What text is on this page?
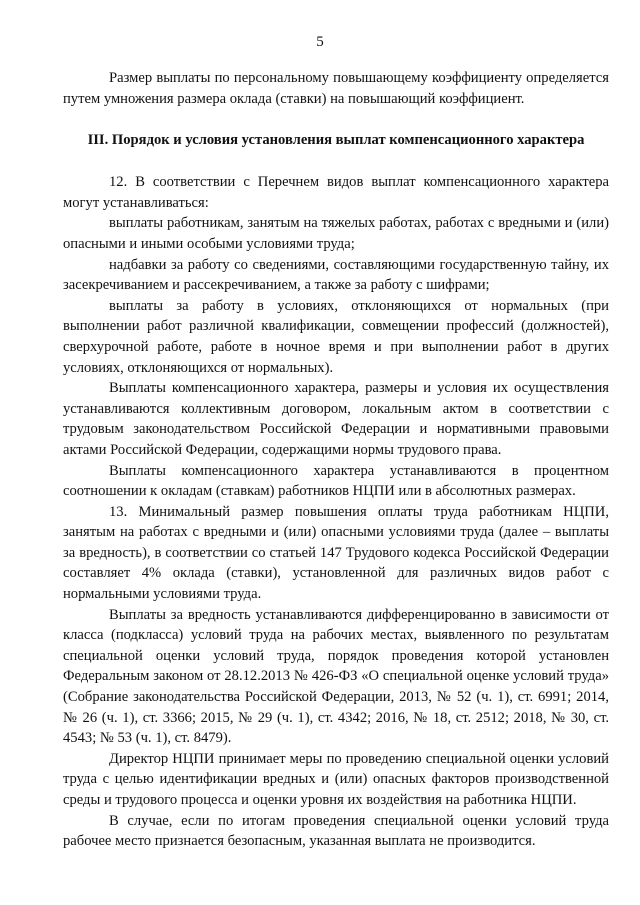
5

Размер выплаты по персональному повышающему коэффициенту определяется путем умножения размера оклада (ставки) на повышающий коэффициент.

III. Порядок и условия установления выплат компенсационного характера

12. В соответствии с Перечнем видов выплат компенсационного характера могут устанавливаться:

выплаты работникам, занятым на тяжелых работах, работах с вредными и (или) опасными и иными особыми условиями труда;

надбавки за работу со сведениями, составляющими государственную тайну, их засекречиванием и рассекречиванием, а также за работу с шифрами;

выплаты за работу в условиях, отклоняющихся от нормальных (при выполнении работ различной квалификации, совмещении профессий (должностей), сверхурочной работе, работе в ночное время и при выполнении работ в других условиях, отклоняющихся от нормальных).

Выплаты компенсационного характера, размеры и условия их осуществления устанавливаются коллективным договором, локальным актом в соответствии с трудовым законодательством Российской Федерации и нормативными правовыми актами Российской Федерации, содержащими нормы трудового права.

Выплаты компенсационного характера устанавливаются в процентном соотношении к окладам (ставкам) работников НЦПИ или в абсолютных размерах.

13. Минимальный размер повышения оплаты труда работникам НЦПИ, занятым на работах с вредными и (или) опасными условиями труда (далее – выплаты за вредность), в соответствии со статьей 147 Трудового кодекса Российской Федерации составляет 4% оклада (ставки), установленной для различных видов работ с нормальными условиями труда.

Выплаты за вредность устанавливаются дифференцированно в зависимости от класса (подкласса) условий труда на рабочих местах, выявленного по результатам специальной оценки условий труда, порядок проведения которой установлен Федеральным законом от 28.12.2013 № 426-ФЗ «О специальной оценке условий труда» (Собрание законодательства Российской Федерации, 2013, № 52 (ч. 1), ст. 6991; 2014, № 26 (ч. 1), ст. 3366; 2015, № 29 (ч. 1), ст. 4342; 2016, № 18, ст. 2512; 2018, № 30, ст. 4543; № 53 (ч. 1), ст. 8479).

Директор НЦПИ принимает меры по проведению специальной оценки условий труда с целью идентификации вредных и (или) опасных факторов производственной среды и трудового процесса и оценки уровня их воздействия на работника НЦПИ.

В случае, если по итогам проведения специальной оценки условий труда рабочее место признается безопасным, указанная выплата не производится.
